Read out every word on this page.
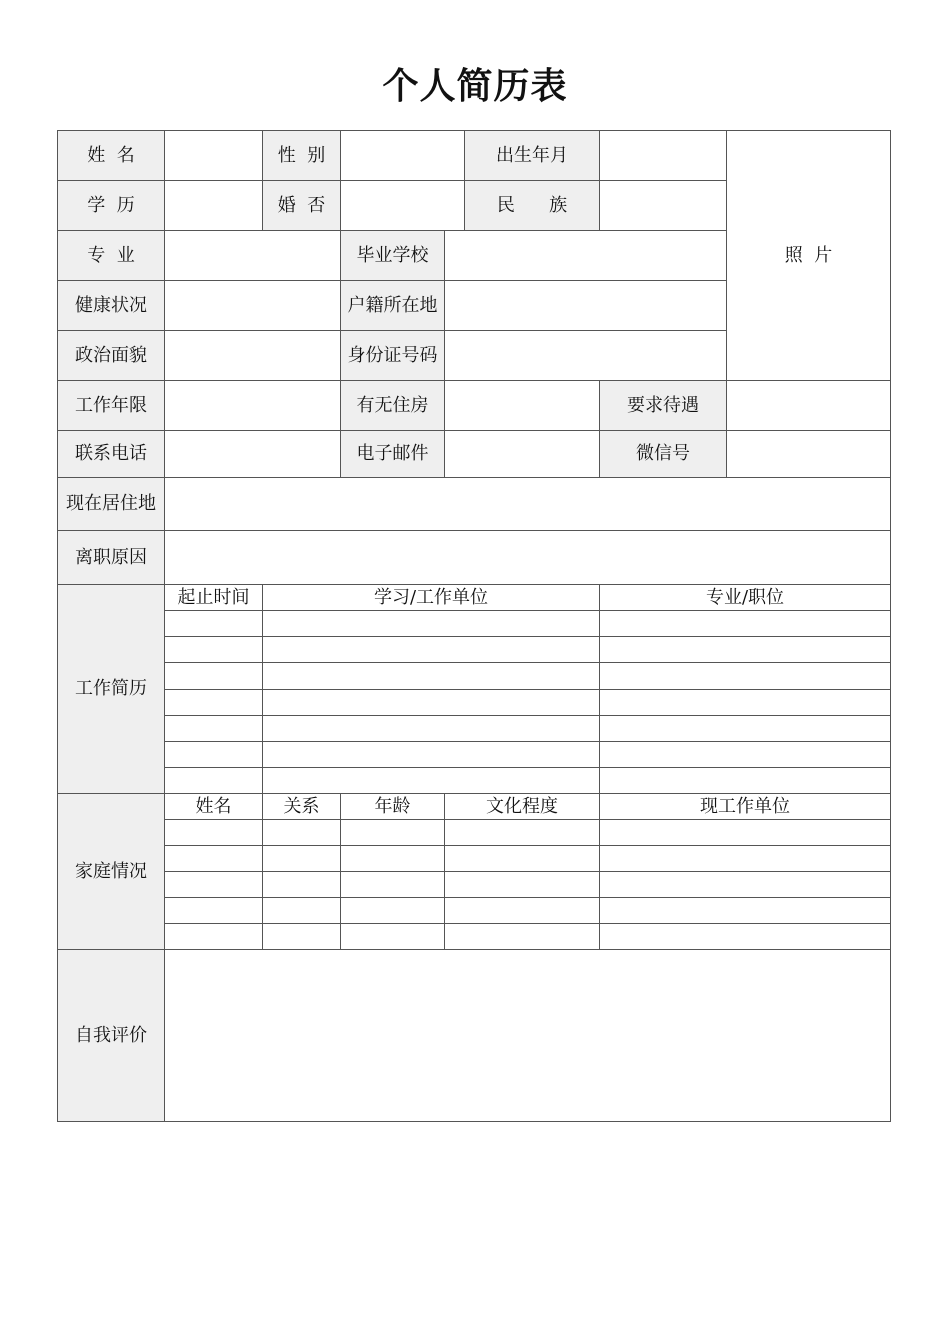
个人简历表
姓  名		性  别			出生年月		照  片
学  历		婚  否			民      族		
专  业			毕业学校				
健康状况			户籍所在地				
政治面貌			身份证号码				
工作年限			有无住房			要求待遇	
联系电话			电子邮件			微信号	
现在居住地							
离职原因							
工作简历	起止时间	学习/工作单位				专业/职位	

家庭情况	姓名	关系	年龄	文化程度		现工作单位	

自我评价							
